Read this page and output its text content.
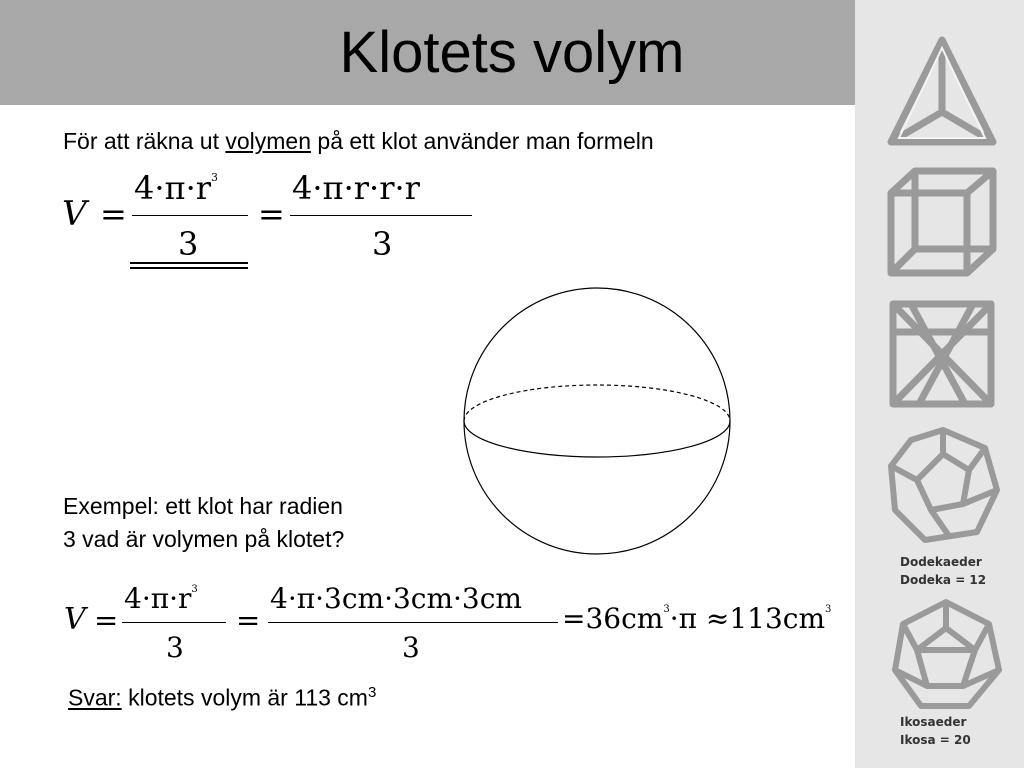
Klotets volym
Dodekaeder
Dodeka = 12
Ikosaeder
Ikosa = 20
För att räkna ut volymen på ett klot använder man formeln
V =
$4\cdot\pi\cdot r^3$
3
=
4·π·r·r·r
3
Exempel: ett klot har radien
3 vad är volymen på klotet?
V =
$4\cdot\pi\cdot r^3$
3
=
4·π·3cm·3cm·3cm
3
$=36cm^3\cdot\pi \approx 113cm^3$
Svar: klotets volym är 113 $cm^3$
